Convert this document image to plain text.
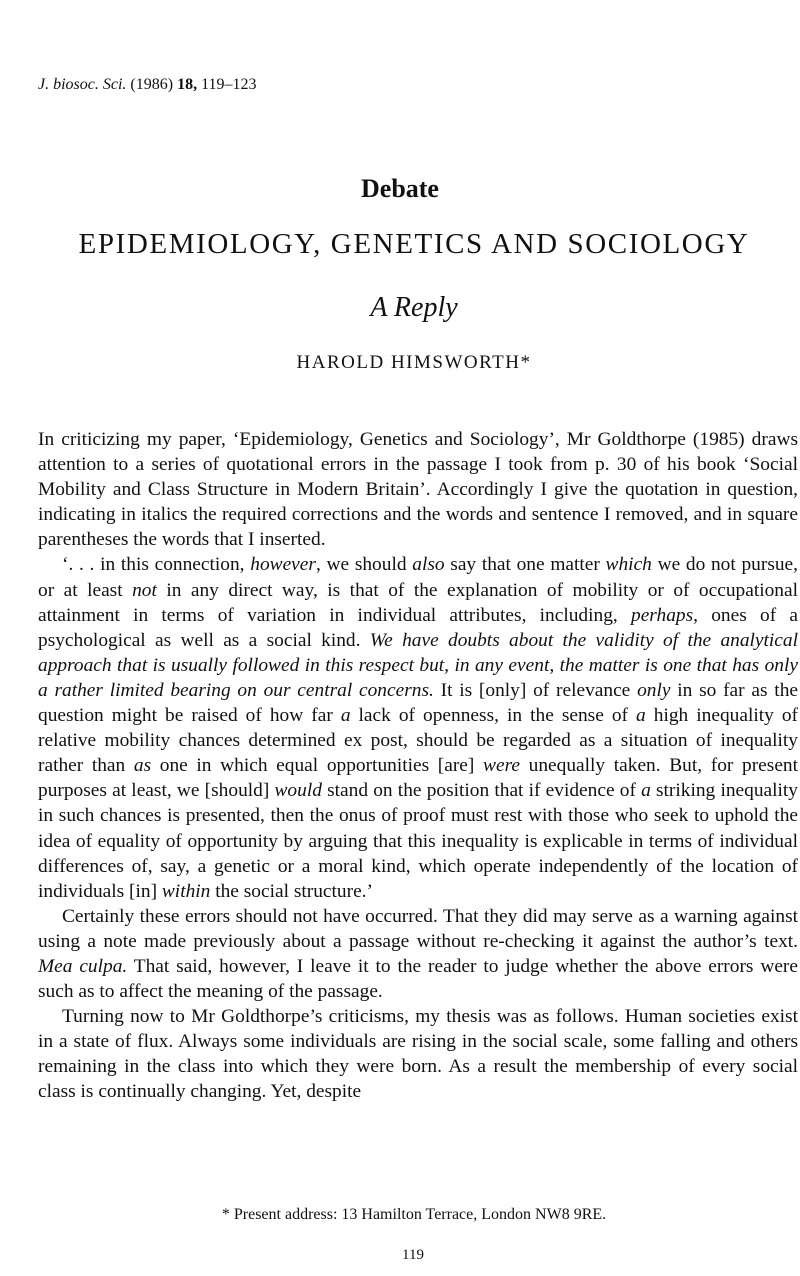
J. biosoc. Sci. (1986) 18, 119–123
Debate
EPIDEMIOLOGY, GENETICS AND SOCIOLOGY
A Reply
HAROLD HIMSWORTH*

In criticizing my paper, ‘Epidemiology, Genetics and Sociology’, Mr Goldthorpe (1985) draws attention to a series of quotational errors in the passage I took from p. 30 of his book ‘Social Mobility and Class Structure in Modern Britain’. Accordingly I give the quotation in question, indicating in italics the required corrections and the words and sentence I removed, and in square parentheses the words that I inserted.

‘. . . in this connection, however, we should also say that one matter which we do not pursue, or at least not in any direct way, is that of the explanation of mobility or of occupational attainment in terms of variation in individual attributes, including, perhaps, ones of a psychological as well as a social kind. We have doubts about the validity of the analytical approach that is usually followed in this respect but, in any event, the matter is one that has only a rather limited bearing on our central concerns. It is [only] of relevance only in so far as the question might be raised of how far a lack of openness, in the sense of a high inequality of relative mobility chances determined ex post, should be regarded as a situation of inequality rather than as one in which equal opportunities [are] were unequally taken. But, for present purposes at least, we [should] would stand on the position that if evidence of a striking inequality in such chances is presented, then the onus of proof must rest with those who seek to uphold the idea of equality of opportunity by arguing that this inequality is explicable in terms of individual differences of, say, a genetic or a moral kind, which operate independently of the location of individuals [in] within the social structure.’

Certainly these errors should not have occurred. That they did may serve as a warning against using a note made previously about a passage without re-checking it against the author’s text. Mea culpa. That said, however, I leave it to the reader to judge whether the above errors were such as to affect the meaning of the passage.

Turning now to Mr Goldthorpe’s criticisms, my thesis was as follows. Human societies exist in a state of flux. Always some individuals are rising in the social scale, some falling and others remaining in the class into which they were born. As a result the membership of every social class is continually changing. Yet, despite

* Present address: 13 Hamilton Terrace, London NW8 9RE.
119
